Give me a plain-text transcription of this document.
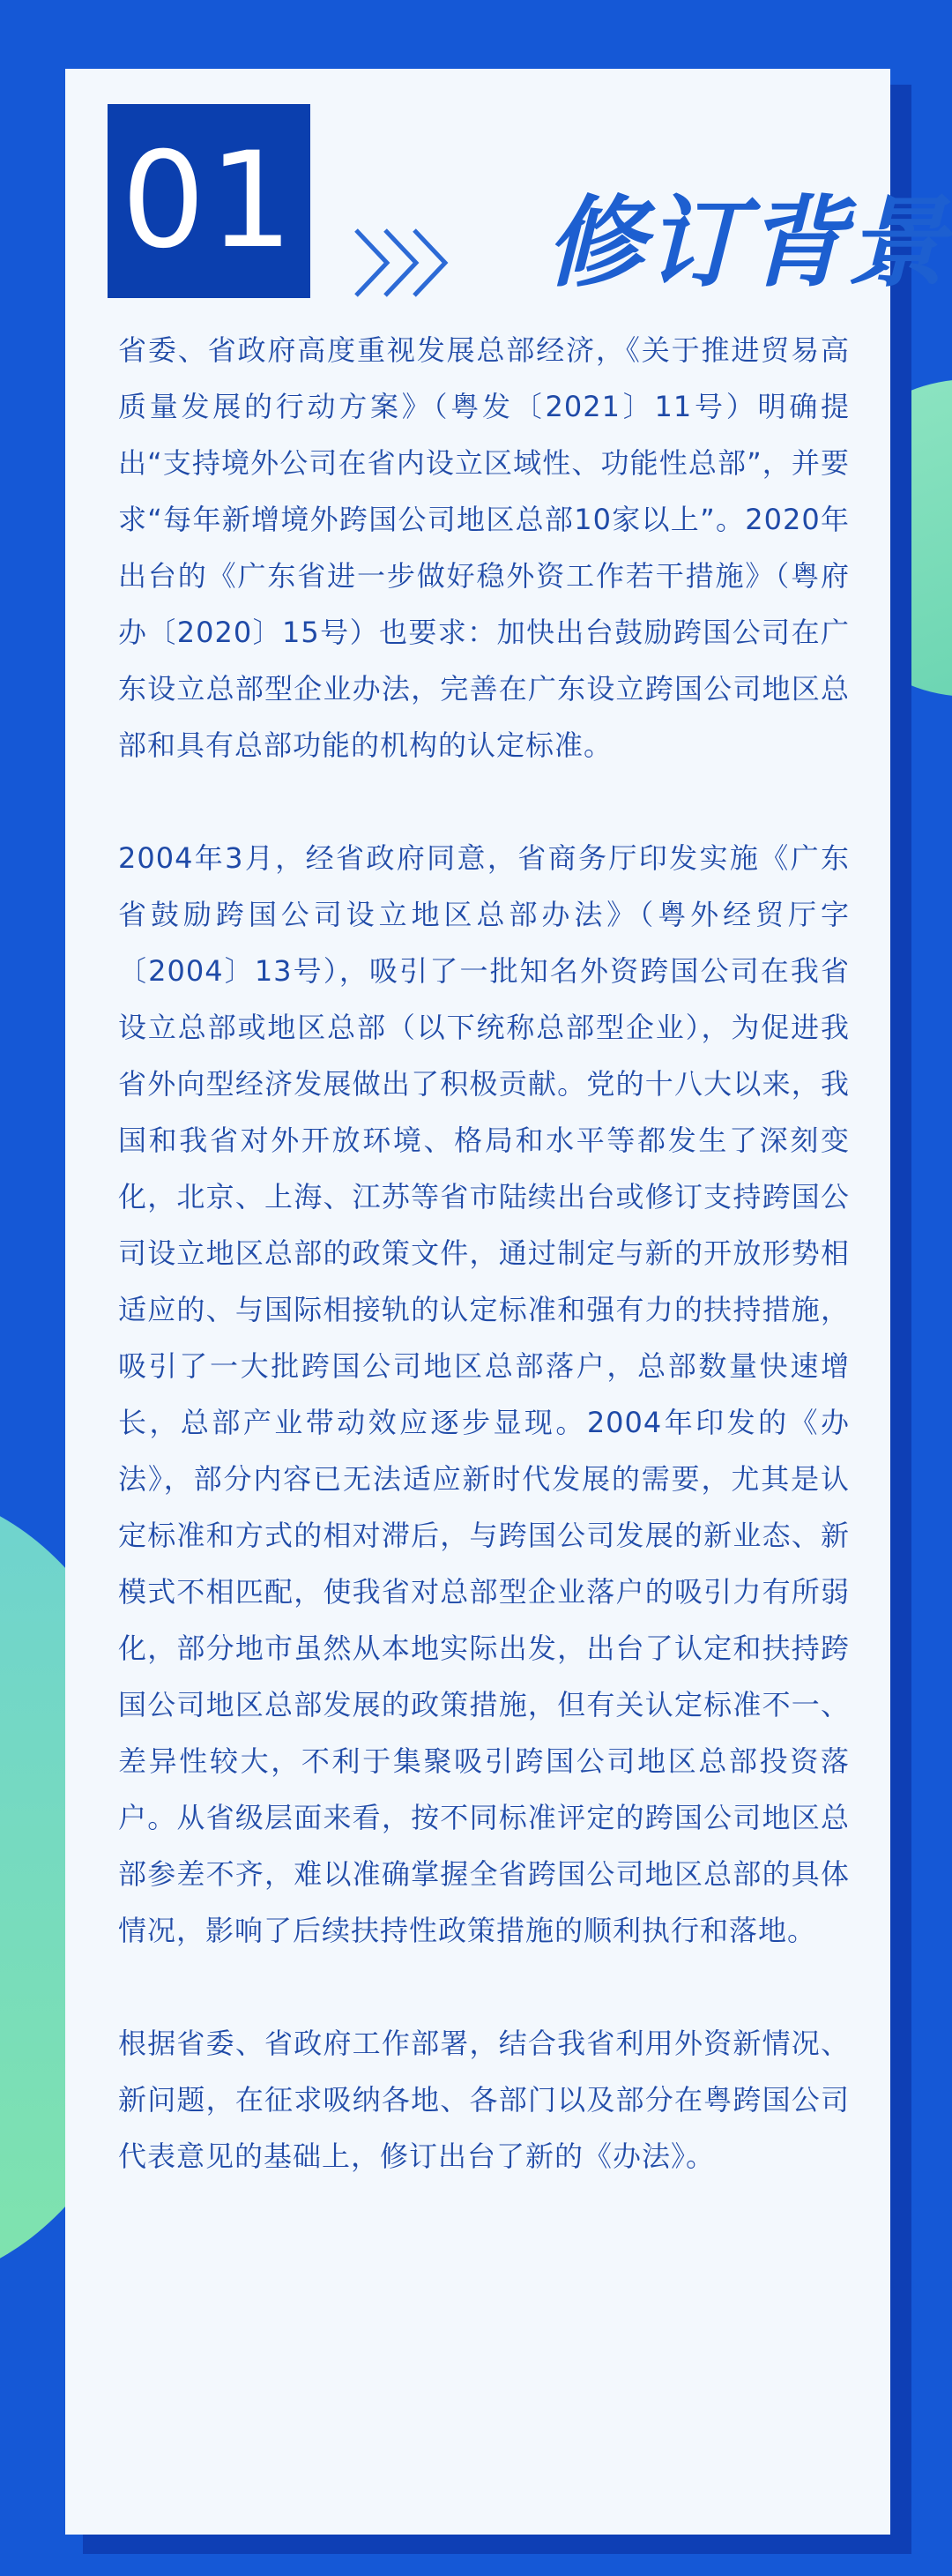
01	修订背景

省委、省政府高度重视发展总部经济，《关于推进贸易高质量发展的行动方案》（粤发〔2021〕11号）明确提出“支持境外公司在省内设立区域性、功能性总部”，并要求“每年新增境外跨国公司地区总部10家以上”。2020年出台的《广东省进一步做好稳外资工作若干措施》（粤府办〔2020〕15号）也要求：加快出台鼓励跨国公司在广东设立总部型企业办法，完善在广东设立跨国公司地区总部和具有总部功能的机构的认定标准。

2004年3月，经省政府同意，省商务厅印发实施《广东省鼓励跨国公司设立地区总部办法》（粤外经贸厅字〔2004〕13号），吸引了一批知名外资跨国公司在我省设立总部或地区总部（以下统称总部型企业），为促进我省外向型经济发展做出了积极贡献。党的十八大以来，我国和我省对外开放环境、格局和水平等都发生了深刻变化，北京、上海、江苏等省市陆续出台或修订支持跨国公司设立地区总部的政策文件，通过制定与新的开放形势相适应的、与国际相接轨的认定标准和强有力的扶持措施，吸引了一大批跨国公司地区总部落户，总部数量快速增长，总部产业带动效应逐步显现。2004年印发的《办法》，部分内容已无法适应新时代发展的需要，尤其是认定标准和方式的相对滞后，与跨国公司发展的新业态、新模式不相匹配，使我省对总部型企业落户的吸引力有所弱化，部分地市虽然从本地实际出发，出台了认定和扶持跨国公司地区总部发展的政策措施，但有关认定标准不一、差异性较大，不利于集聚吸引跨国公司地区总部投资落户。从省级层面来看，按不同标准评定的跨国公司地区总部参差不齐，难以准确掌握全省跨国公司地区总部的具体情况，影响了后续扶持性政策措施的顺利执行和落地。

根据省委、省政府工作部署，结合我省利用外资新情况、新问题，在征求吸纳各地、各部门以及部分在粤跨国公司代表意见的基础上，修订出台了新的《办法》。
